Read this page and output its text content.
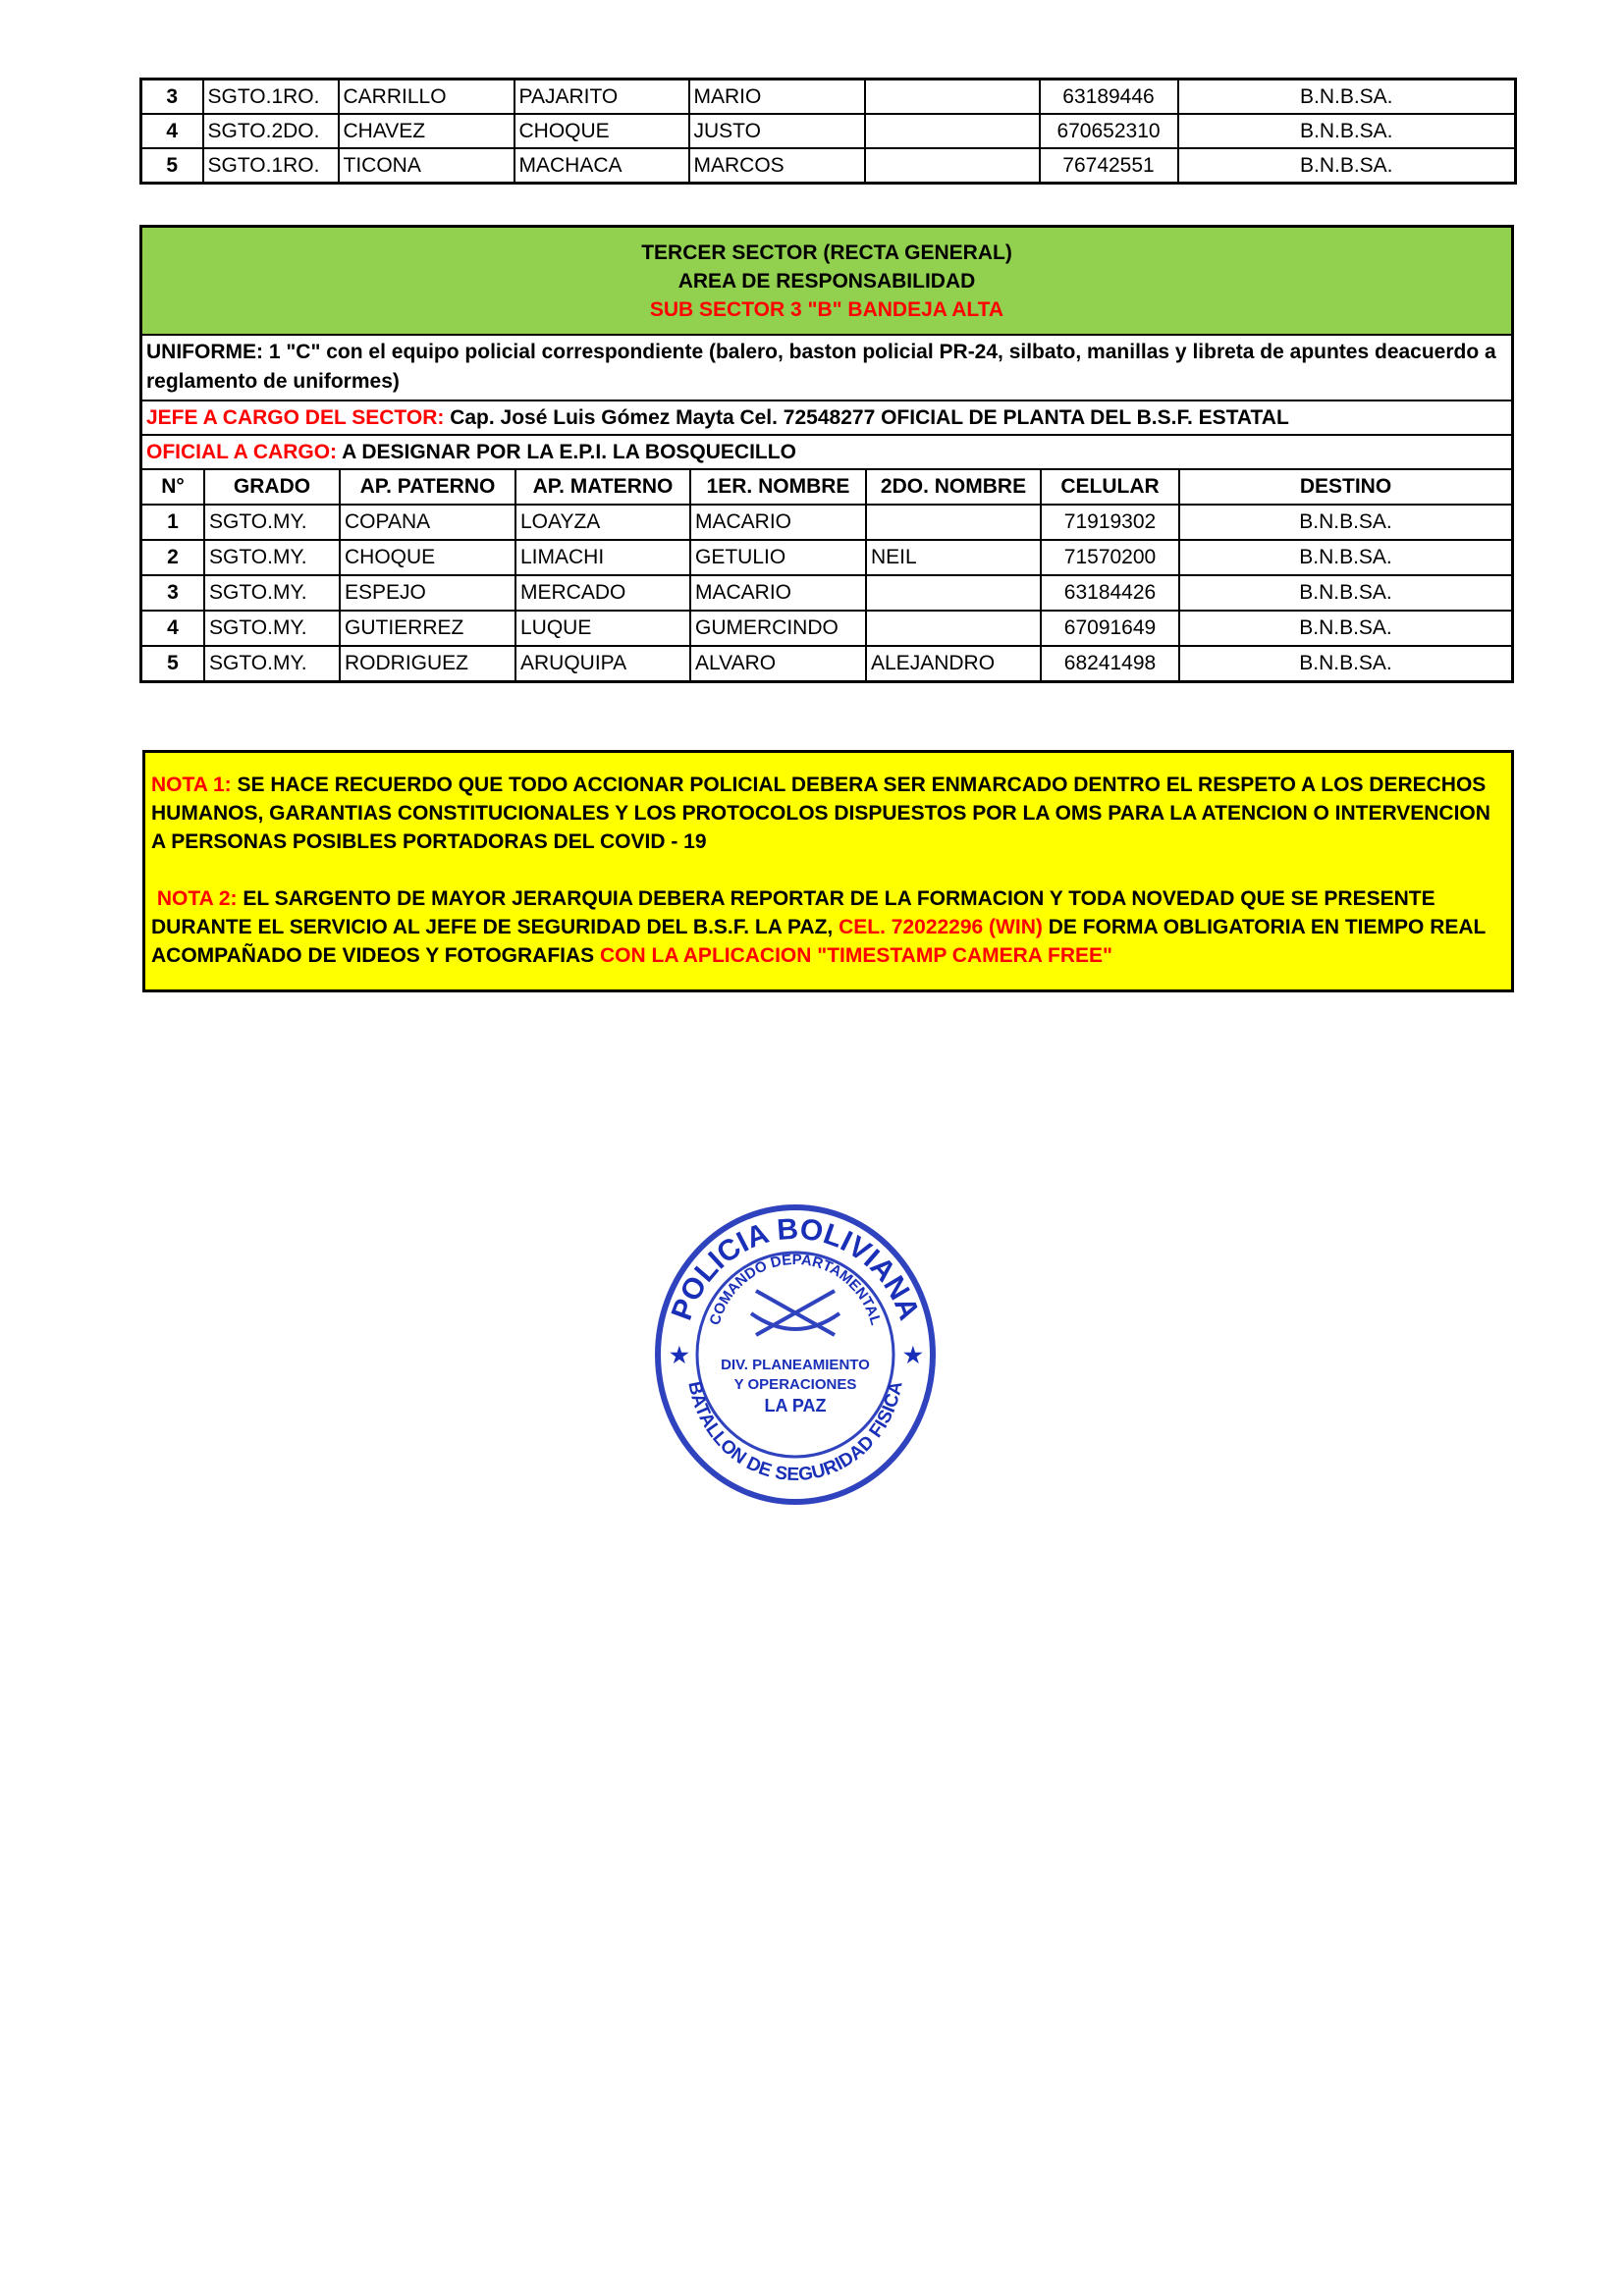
3	SGTO.1RO.	CARRILLO	PAJARITO	MARIO		63189446	B.N.B.SA.
4	SGTO.2DO.	CHAVEZ	CHOQUE	JUSTO		670652310	B.N.B.SA.
5	SGTO.1RO.	TICONA	MACHACA	MARCOS		76742551	B.N.B.SA.
TERCER SECTOR (RECTA GENERAL)
AREA DE RESPONSABILIDAD
SUB SECTOR 3 "B" BANDEJA ALTA
UNIFORME: 1 "C" con el equipo policial correspondiente (balero, baston policial PR-24, silbato, manillas y libreta de apuntes deacuerdo a reglamento de uniformes)
JEFE A CARGO DEL SECTOR: Cap. José Luis Gómez Mayta Cel. 72548277 OFICIAL DE PLANTA DEL B.S.F. ESTATAL
OFICIAL A CARGO: A DESIGNAR POR LA E.P.I. LA BOSQUECILLO
N°	GRADO	AP. PATERNO	AP. MATERNO	1ER. NOMBRE	2DO. NOMBRE	CELULAR	DESTINO
1	SGTO.MY.	COPANA	LOAYZA	MACARIO		71919302	B.N.B.SA.
2	SGTO.MY.	CHOQUE	LIMACHI	GETULIO	NEIL	71570200	B.N.B.SA.
3	SGTO.MY.	ESPEJO	MERCADO	MACARIO		63184426	B.N.B.SA.
4	SGTO.MY.	GUTIERREZ	LUQUE	GUMERCINDO		67091649	B.N.B.SA.
5	SGTO.MY.	RODRIGUEZ	ARUQUIPA	ALVARO	ALEJANDRO	68241498	B.N.B.SA.

NOTA 1: SE HACE RECUERDO QUE TODO ACCIONAR POLICIAL DEBERA SER ENMARCADO DENTRO EL RESPETO A LOS DERECHOS HUMANOS, GARANTIAS CONSTITUCIONALES Y LOS PROTOCOLOS DISPUESTOS POR LA OMS PARA LA ATENCION O INTERVENCION A PERSONAS POSIBLES PORTADORAS DEL COVID - 19

NOTA 2: EL SARGENTO DE MAYOR JERARQUIA DEBERA REPORTAR DE LA FORMACION Y TODA NOVEDAD QUE SE PRESENTE DURANTE EL SERVICIO AL JEFE DE SEGURIDAD DEL B.S.F. LA PAZ, CEL. 72022296 (WIN) DE FORMA OBLIGATORIA EN TIEMPO REAL ACOMPAÑADO DE VIDEOS Y FOTOGRAFIAS CON LA APLICACION "TIMESTAMP CAMERA FREE"

POLICIA BOLIVIANA
COMANDO DEPARTAMENTAL
DIV. PLANEAMIENTO
Y OPERACIONES
LA PAZ
BATALLON DE SEGURIDAD FISICA
★	★
